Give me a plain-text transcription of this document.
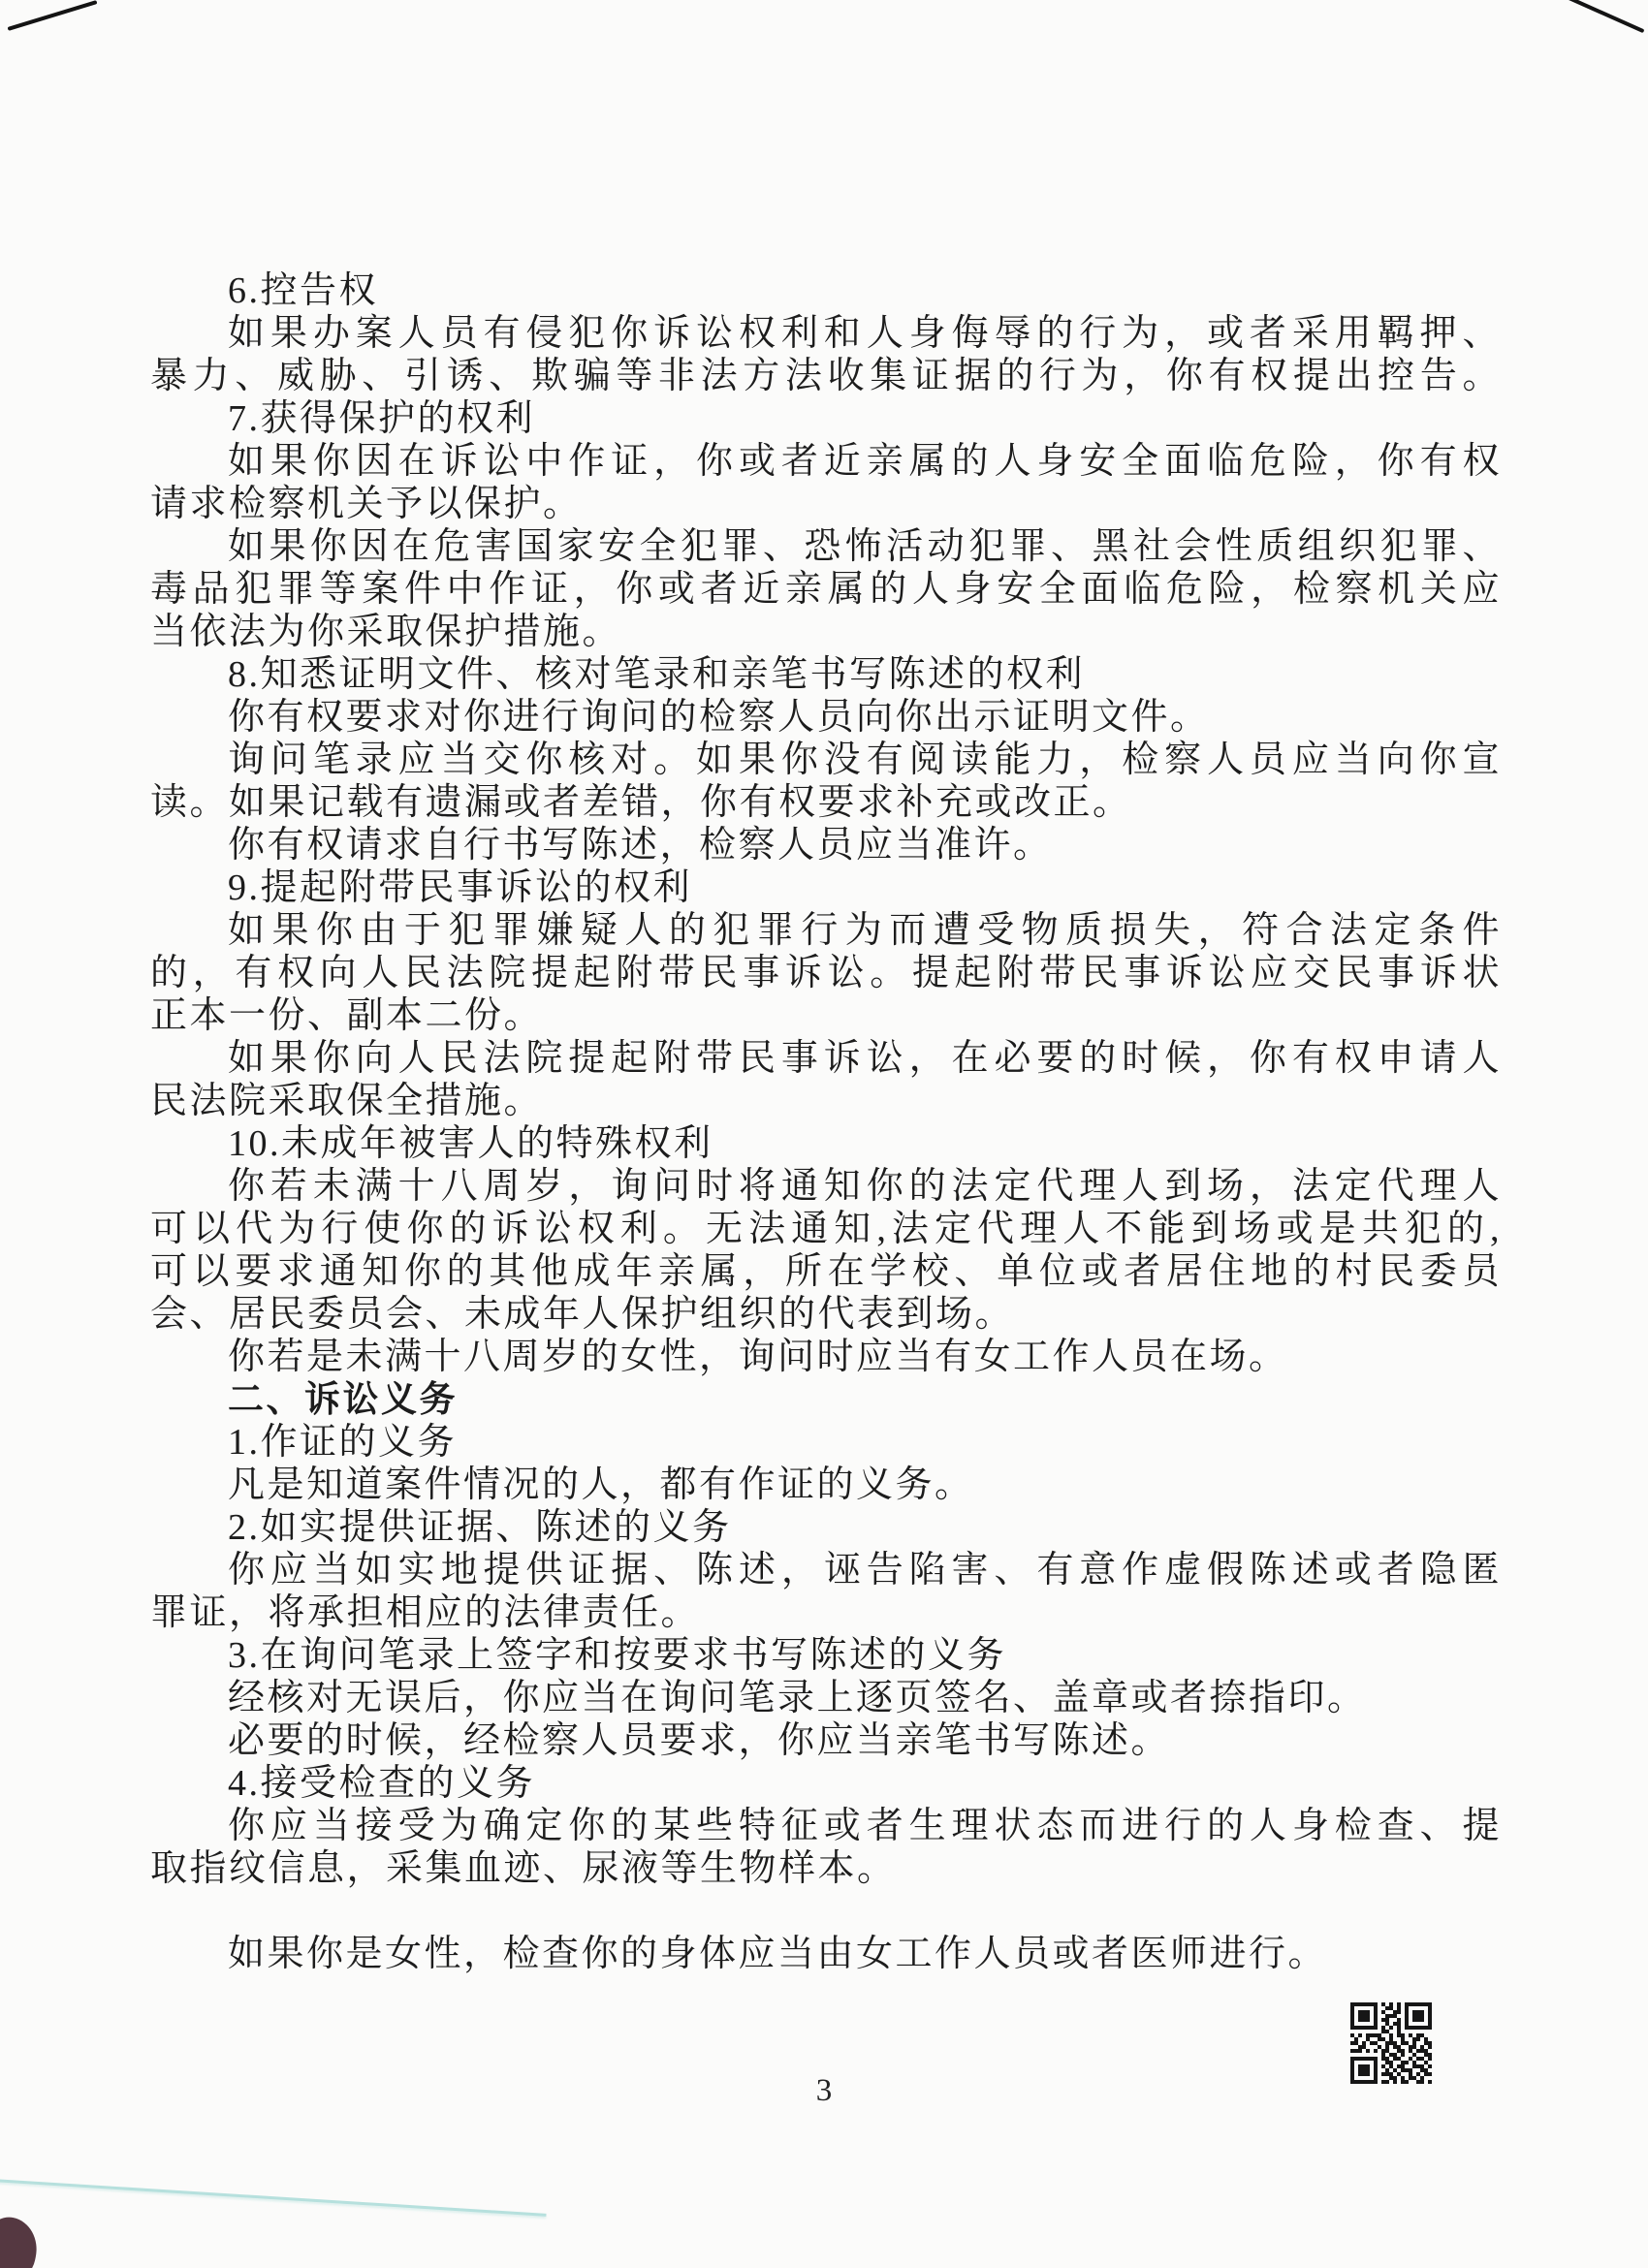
6.控告权
如果办案人员有侵犯你诉讼权利和人身侮辱的行为，或者采用羁押、
暴力、威胁、引诱、欺骗等非法方法收集证据的行为，你有权提出控告。
7.获得保护的权利
如果你因在诉讼中作证，你或者近亲属的人身安全面临危险，你有权
请求检察机关予以保护。
如果你因在危害国家安全犯罪、恐怖活动犯罪、黑社会性质组织犯罪、
毒品犯罪等案件中作证，你或者近亲属的人身安全面临危险，检察机关应
当依法为你采取保护措施。
8.知悉证明文件、核对笔录和亲笔书写陈述的权利
你有权要求对你进行询问的检察人员向你出示证明文件。
询问笔录应当交你核对。如果你没有阅读能力，检察人员应当向你宣
读。如果记载有遗漏或者差错，你有权要求补充或改正。
你有权请求自行书写陈述，检察人员应当准许。
9.提起附带民事诉讼的权利
如果你由于犯罪嫌疑人的犯罪行为而遭受物质损失，符合法定条件
的，有权向人民法院提起附带民事诉讼。提起附带民事诉讼应交民事诉状
正本一份、副本二份。
如果你向人民法院提起附带民事诉讼，在必要的时候，你有权申请人
民法院采取保全措施。
10.未成年被害人的特殊权利
你若未满十八周岁，询问时将通知你的法定代理人到场，法定代理人
可以代为行使你的诉讼权利。无法通知,法定代理人不能到场或是共犯的,
可以要求通知你的其他成年亲属，所在学校、单位或者居住地的村民委员
会、居民委员会、未成年人保护组织的代表到场。
你若是未满十八周岁的女性，询问时应当有女工作人员在场。
二、诉讼义务
1.作证的义务
凡是知道案件情况的人，都有作证的义务。
2.如实提供证据、陈述的义务
你应当如实地提供证据、陈述，诬告陷害、有意作虚假陈述或者隐匿
罪证，将承担相应的法律责任。
3.在询问笔录上签字和按要求书写陈述的义务
经核对无误后，你应当在询问笔录上逐页签名、盖章或者捺指印。
必要的时候，经检察人员要求，你应当亲笔书写陈述。
4.接受检查的义务
你应当接受为确定你的某些特征或者生理状态而进行的人身检查、提
取指纹信息，采集血迹、尿液等生物样本。
如果你是女性，检查你的身体应当由女工作人员或者医师进行。
3
